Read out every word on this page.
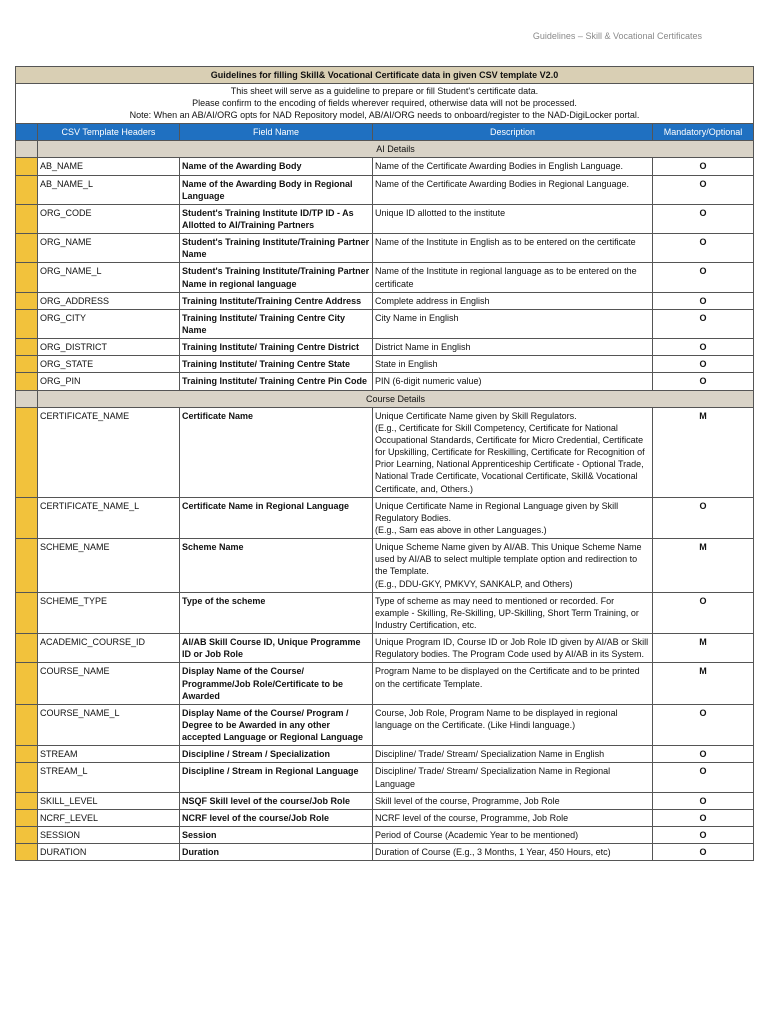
Guidelines – Skill & Vocational Certificates
Guidelines for filling Skill& Vocational Certificate data in given CSV template V2.0				

This sheet will serve as a guideline to prepare or fill Student's certificate data.
Please confirm to the encoding of fields wherever required, otherwise data will not be processed.
Note: When an AB/AI/ORG opts for NAD Repository model, AB/AI/ORG needs to onboard/register to the NAD-DigiLocker portal.				

	CSV Template Headers	Field Name	Description	Mandatory/Optional
	AI Details			
	AB_NAME	Name of the Awarding Body	Name of the Certificate Awarding Bodies in English Language.	O
	AB_NAME_L	Name of the Awarding Body in Regional Language	Name of the Certificate Awarding Bodies in Regional Language.	O
	ORG_CODE	Student's Training Institute ID/TP ID - As Allotted to AI/Training Partners	Unique ID allotted to the institute	O
	ORG_NAME	Student's Training Institute/Training Partner Name	Name of the Institute in English as to be entered on the certificate	O
	ORG_NAME_L	Student's Training Institute/Training Partner Name in regional language	Name of the Institute in regional language as to be entered on the certificate	O
	ORG_ADDRESS	Training Institute/Training Centre Address	Complete address in English	O
	ORG_CITY	Training Institute/ Training Centre City Name	City Name in English	O
	ORG_DISTRICT	Training Institute/ Training Centre District	District Name in English	O
	ORG_STATE	Training Institute/ Training Centre State	State in English	O
	ORG_PIN	Training Institute/ Training Centre Pin Code	PIN (6-digit numeric value)	O
	Course Details			
	CERTIFICATE_NAME	Certificate Name	Unique Certificate Name given by Skill Regulators.
(E.g., Certificate for Skill Competency, Certificate for National Occupational Standards, Certificate for Micro Credential, Certificate for Upskilling, Certificate for Reskilling, Certificate for Recognition of Prior Learning, National Apprenticeship Certificate - Optional Trade, National Trade Certificate, Vocational Certificate, Skill& Vocational Certificate, and, Others.)	M
	CERTIFICATE_NAME_L	Certificate Name in Regional Language	Unique Certificate Name in Regional Language given by Skill Regulatory Bodies.
(E.g., Sam eas above in other Languages.)	O
	SCHEME_NAME	Scheme Name	Unique Scheme Name given by AI/AB. This Unique Scheme Name used by AI/AB to select multiple template option and redirection to the Template.
(E.g., DDU-GKY, PMKVY, SANKALP, and Others)	M
	SCHEME_TYPE	Type of the scheme	Type of scheme as may need to mentioned or recorded. For example - Skilling, Re-Skilling, UP-Skilling, Short Term Training, or Industry Certification, etc.	O
	ACADEMIC_COURSE_ID	AI/AB Skill Course ID, Unique Programme ID or Job Role	Unique Program ID, Course ID or Job Role ID given by AI/AB or Skill Regulatory bodies. The Program Code used by AI/AB in its System.	M
	COURSE_NAME	Display Name of the Course/ Programme/Job Role/Certificate to be Awarded	Program Name to be displayed on the Certificate and to be printed on the certificate Template.	M
	COURSE_NAME_L	Display Name of the Course/ Program / Degree to be Awarded in any other accepted Language or Regional Language	Course, Job Role, Program Name to be displayed in regional language on the Certificate. (Like Hindi language.)	O
	STREAM	Discipline / Stream / Specialization	Discipline/ Trade/ Stream/ Specialization Name in English	O
	STREAM_L	Discipline / Stream in Regional Language	Discipline/ Trade/ Stream/ Specialization Name in Regional Language	O
	SKILL_LEVEL	NSQF Skill level of the course/Job Role	Skill level of the course, Programme, Job Role	O
	NCRF_LEVEL	NCRF level of the course/Job Role	NCRF level of the course, Programme, Job Role	O
	SESSION	Session	Period of Course (Academic Year to be mentioned)	O
	DURATION	Duration	Duration of Course (E.g., 3 Months, 1 Year, 450 Hours, etc)	O
